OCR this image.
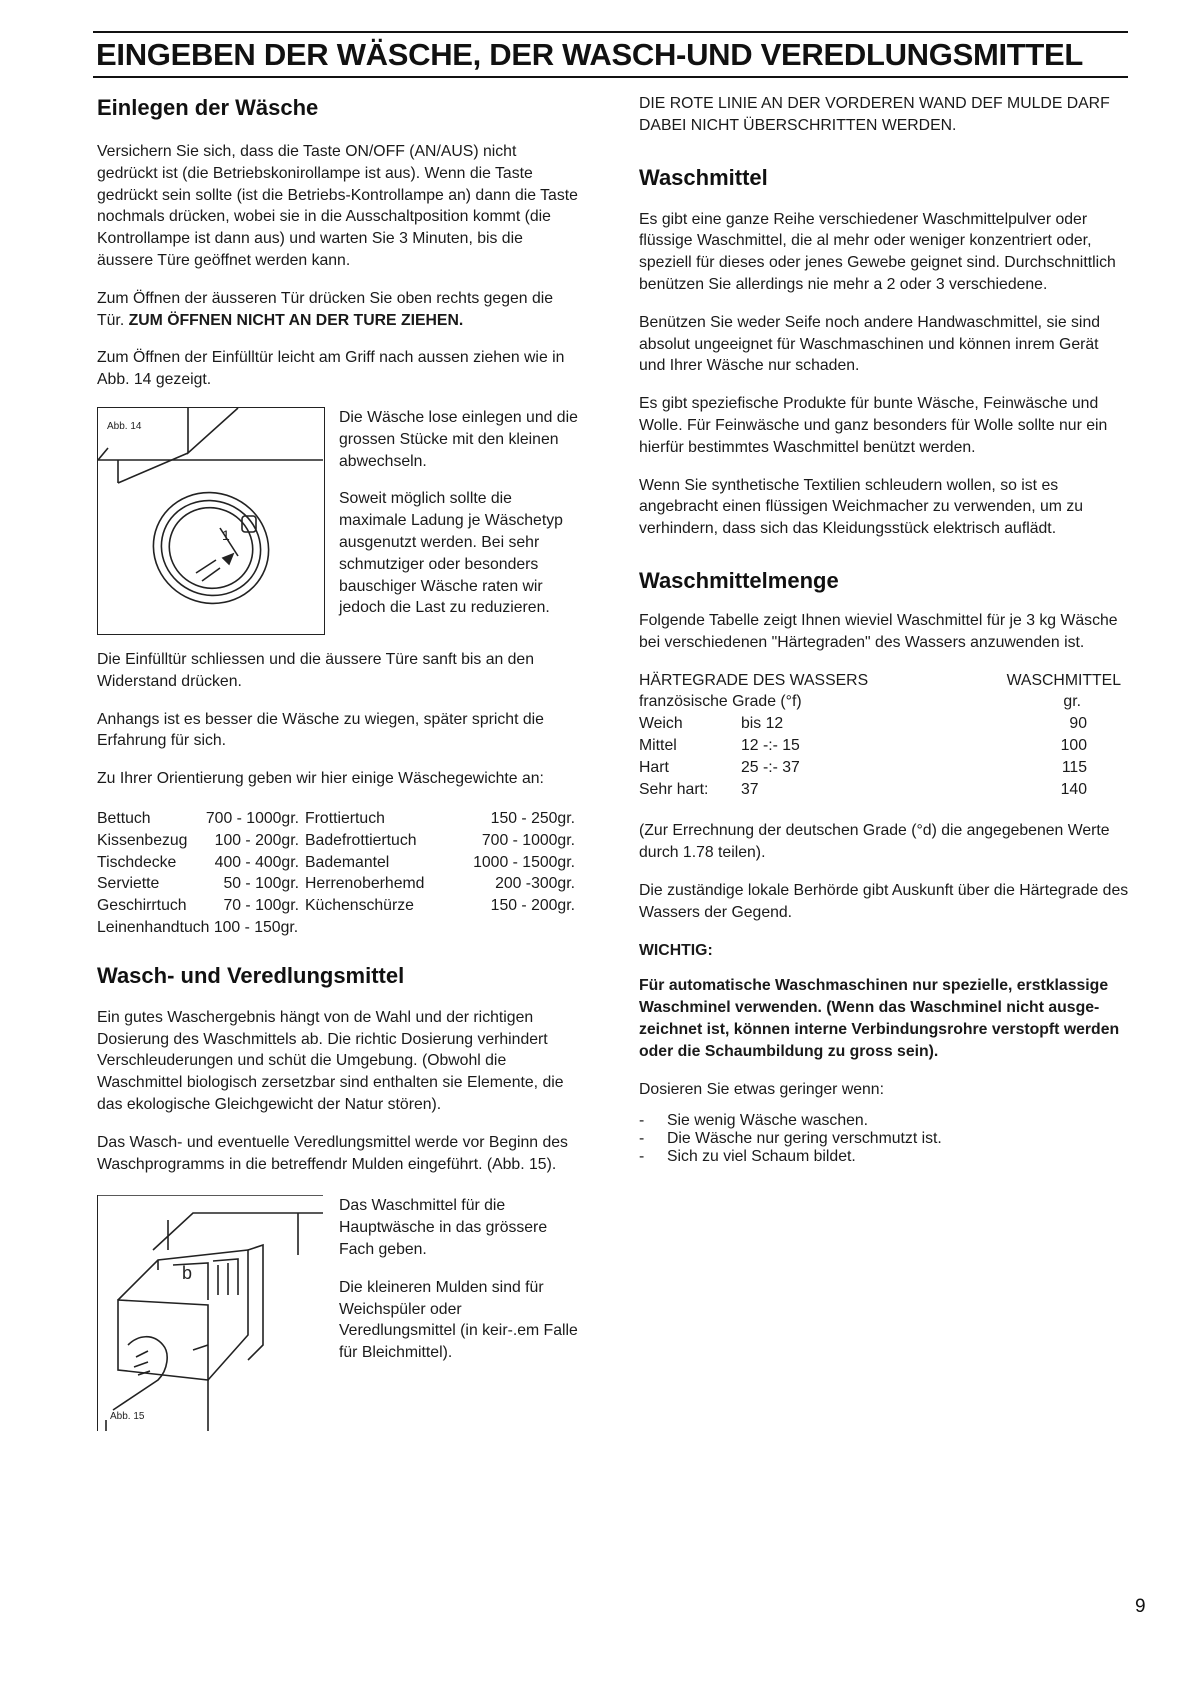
EINGEBEN DER WÄSCHE, DER WASCH-UND VEREDLUNGSMITTEL
Einlegen der Wäsche

Versichern Sie sich, dass die Taste ON/OFF (AN/AUS) nicht gedrückt ist (die Betriebskonirollampe ist aus). Wenn die Taste gedrückt sein sollte (ist die Betriebs-Kontrollampe an) dann die Taste nochmals drücken, wobei sie in die Ausschaltposition kommt (die Kontrollampe ist dann aus) und warten Sie 3 Minuten, bis die äussere Türe geöffnet werden kann.

Zum Öffnen der äusseren Tür drücken Sie oben rechts gegen die Tür. ZUM ÖFFNEN NICHT AN DER TURE ZIEHEN.

Zum Öffnen der Einfülltür leicht am Griff nach aussen ziehen wie in Abb. 14 gezeigt.

1
Abb. 14

Die Wäsche lose einlegen und die grossen Stücke mit den kleinen abwechseln.

Soweit möglich sollte die maximale Ladung je Wäschetyp ausgenutzt werden. Bei sehr schmutziger oder besonders bauschiger Wäsche raten wir jedoch die Last zu reduzieren.

Die Einfülltür schliessen und die äussere Türe sanft bis an den Widerstand drücken.

Anhangs ist es besser die Wäsche zu wiegen, später spricht die Erfahrung für sich.

Zu Ihrer Orientierung geben wir hier einige Wäschegewichte an:

Bettuch	700 - 1000gr.	Frottiertuch	150 - 250gr.
Kissenbezug	100 - 200gr.	Badefrottiertuch	700 - 1000gr.
Tischdecke	400 - 400gr.	Bademantel	1000 - 1500gr.
Serviette	50 - 100gr.	Herrenoberhemd	200 -300gr.
Geschirrtuch	70 - 100gr.	Küchenschürze	150 - 200gr.
Leinenhandtuch 100 - 150gr.			
Wasch- und Veredlungsmittel

Ein gutes Waschergebnis hängt von de Wahl und der richtigen Dosierung des Waschmittels ab. Die richtic Dosierung verhindert Verschleuderungen und schüt die Umgebung. (Obwohl die Waschmittel biologisch zersetzbar sind enthalten sie Elemente, die das ekologische Gleichgewicht der Natur stören).

Das Wasch- und eventuelle Veredlungsmittel werde vor Beginn des Waschprogramms in die betreffendr Mulden eingeführt. (Abb. 15).

b
Abb. 15

Das Waschmittel für die Hauptwäsche in das grössere Fach geben.

Die kleineren Mulden sind für Weichspüler oder Veredlungsmittel (in keir-.em Falle für Bleichmittel).

DIE ROTE LINIE AN DER VORDEREN WAND DEF MULDE DARF DABEI NICHT ÜBERSCHRITTEN WERDEN.

Waschmittel

Es gibt eine ganze Reihe verschiedener Waschmittelpulver oder flüssige Waschmittel, die al mehr oder weniger konzentriert oder, speziell für dieses oder jenes Gewebe geignet sind. Durchschnittlich benützen Sie allerdings nie mehr a 2 oder 3 verschiedene.

Benützen Sie weder Seife noch andere Handwaschmittel, sie sind absolut ungeeignet für Waschmaschinen und können inrem Gerät und Ihrer Wäsche nur schaden.

Es gibt speziefische Produkte für bunte Wäsche, Feinwäsche und Wolle. Für Feinwäsche und ganz besonders für Wolle sollte nur ein hierfür bestimmtes Waschmittel benützt werden.

Wenn Sie synthetische Textilien schleudern wollen, so ist es angebracht einen flüssigen Weichmacher zu verwenden, um zu verhindern, dass sich das Kleidungsstück elektrisch auflädt.

Waschmittelmenge

Folgende Tabelle zeigt Ihnen wieviel Waschmittel für je 3 kg Wäsche bei verschiedenen "Härtegraden" des Wassers anzuwenden ist.

HÄRTEGRADE DES WASSERS		WASCHMITTEL
französische Grade (°f)		gr.
Weich	bis 12	90
Mittel	12 -:- 15	100
Hart	25 -:- 37	115
Sehr hart:	37	140

(Zur Errechnung der deutschen Grade (°d) die angegebenen Werte durch 1.78 teilen).

Die zuständige lokale Berhörde gibt Auskunft über die Härtegrade des Wassers der Gegend.

WICHTIG:

Für automatische Waschmaschinen nur spezielle, erstklassige Waschminel verwenden. (Wenn das Waschminel nicht ausge- zeichnet ist, können interne Verbindungsrohre verstopft werden oder die Schaumbildung zu gross sein).

Dosieren Sie etwas geringer wenn:

- Sie wenig Wäsche waschen.
- Die Wäsche nur gering verschmutzt ist.
- Sich zu viel Schaum bildet.
9
